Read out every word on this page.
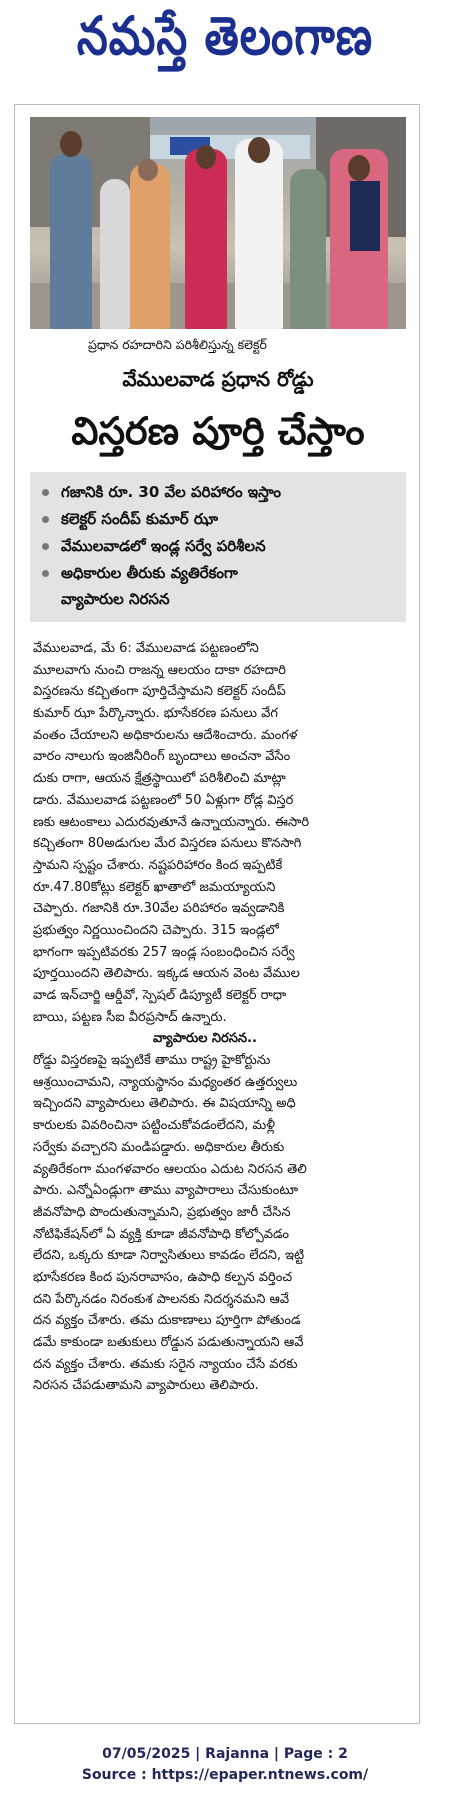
నమస్తే తెలంగాణ
ప్రధాన రహదారిని పరిశీలిస్తున్న కలెక్టర్
వేములవాడ ప్రధాన రోడ్డు
విస్తరణ పూర్తి చేస్తాం
గజానికి రూ. 30 వేల పరిహారం ఇస్తాం
కలెక్టర్ సందీప్ కుమార్ ఝా
వేములవాడలో ఇండ్ల సర్వే పరిశీలన
అధికారుల తీరుకు వ్యతిరేకంగా
వ్యాపారుల నిరసన
వేములవాడ, మే 6: వేములవాడ పట్టణంలోని
మూలవాగు నుంచి రాజన్న ఆలయం దాకా రహదారి
విస్తరణను కచ్చితంగా పూర్తిచేస్తామని కలెక్టర్ సందీప్
కుమార్ ఝా పేర్కొన్నారు. భూసేకరణ పనులు వేగ
వంతం చేయాలని అధికారులను ఆదేశించారు. మంగళ
వారం నాలుగు ఇంజినీరింగ్ బృందాలు అంచనా వేసేం
దుకు రాగా, ఆయన క్షేత్రస్థాయిలో పరిశీలించి మాట్లా
డారు. వేములవాడ పట్టణంలో 50 ఏళ్లుగా రోడ్ల విస్తర
ణకు ఆటంకాలు ఎదురవుతూనే ఉన్నాయన్నారు. ఈసారి
కచ్చితంగా 80అడుగుల మేర విస్తరణ పనులు కొనసాగి
స్తామని స్పష్టం చేశారు. నష్టపరిహారం కింద ఇప్పటికే
రూ.47.80కోట్లు కలెక్టర్ ఖాతాలో జమయ్యాయని
చెప్పారు. గజానికి రూ.30వేల పరిహారం ఇవ్వడానికి
ప్రభుత్వం నిర్ణయించిందని చెప్పారు. 315 ఇండ్లలో
భాగంగా ఇప్పటివరకు 257 ఇండ్ల సంబంధించిన సర్వే
పూర్తయిందని తెలిపారు. ఇక్కడ ఆయన వెంట వేముల
వాడ ఇన్‌చార్జి ఆర్డీవో, స్పెషల్ డిప్యూటీ కలెక్టర్ రాధా
బాయి, పట్టణ సీఐ వీరప్రసాద్ ఉన్నారు.
వ్యాపారుల నిరసన..
రోడ్డు విస్తరణపై ఇప్పటికే తాము రాష్ట్ర హైకోర్టును
ఆశ్రయించామని, న్యాయస్థానం మధ్యంతర ఉత్తర్వులు
ఇచ్చిందని వ్యాపారులు తెలిపారు. ఈ విషయాన్ని అధి
కారులకు వివరించినా పట్టించుకోవడంలేదని, మళ్లీ
సర్వేకు వచ్చారని మండిపడ్డారు. అధికారుల తీరుకు
వ్యతిరేకంగా మంగళవారం ఆలయం ఎదుట నిరసన తెలి
పారు. ఎన్నోఏండ్లుగా తాము వ్యాపారాలు చేసుకుంటూ
జీవనోపాధి పొందుతున్నామని, ప్రభుత్వం జారీ చేసిన
నోటిఫికేషన్‌లో ఏ వ్యక్తి కూడా జీవనోపాధి కోల్పోవడం
లేదని, ఒక్కరు కూడా నిర్వాసితులు కావడం లేదని, ఇట్టి
భూసేకరణ కింద పునరావాసం, ఉపాధి కల్పన వర్తించ
దని పేర్కొనడం నిరంకుశ పాలనకు నిదర్శనమని ఆవే
దన వ్యక్తం చేశారు. తమ దుకాణాలు పూర్తిగా పోతుండ
డమే కాకుండా బతుకులు రోడ్డున పడుతున్నాయని ఆవే
దన వ్యక్తం చేశారు. తమకు సరైన న్యాయం చేసే వరకు
నిరసన చేపడుతామని వ్యాపారులు తెలిపారు.
07/05/2025 | Rajanna | Page : 2
Source : https://epaper.ntnews.com/
